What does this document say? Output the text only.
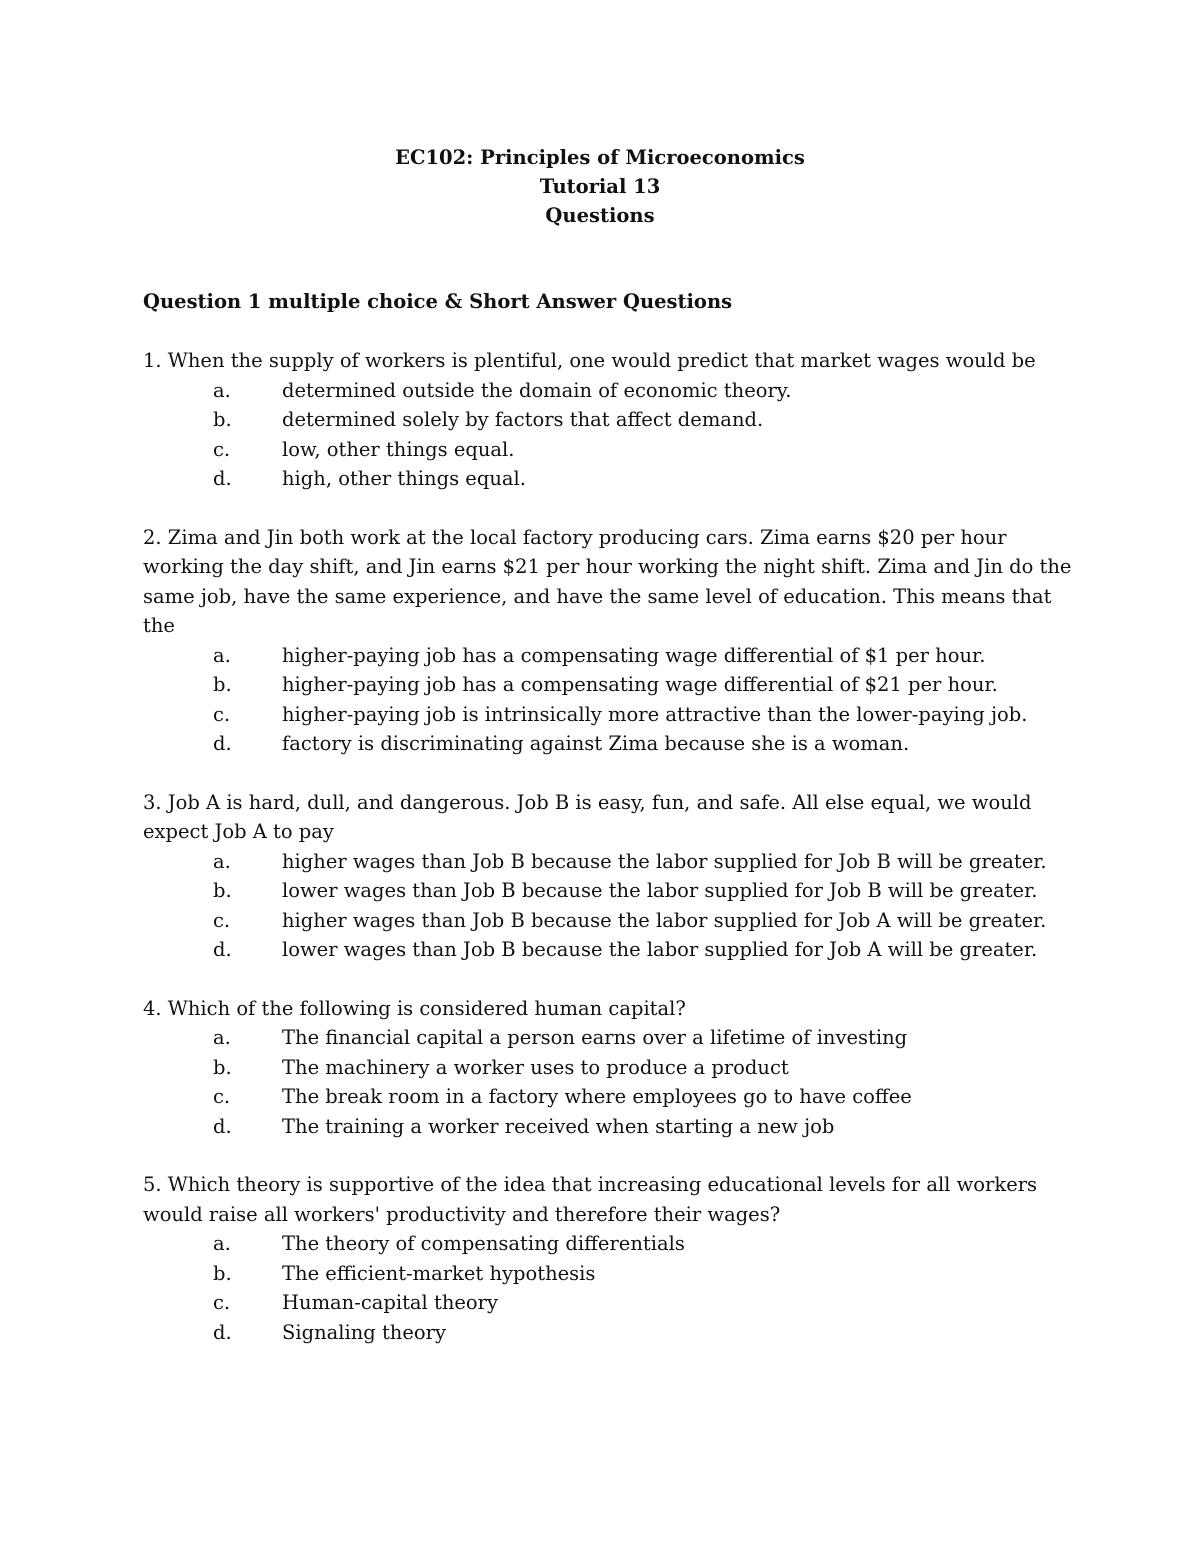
EC102: Principles of Microeconomics
Tutorial 13
Questions
Question 1 multiple choice & Short Answer Questions
1. When the supply of workers is plentiful, one would predict that market wages would be
a.	determined outside the domain of economic theory.
b.	determined solely by factors that affect demand.
c.	low, other things equal.
d.	high, other things equal.
2. Zima and Jin both work at the local factory producing cars. Zima earns $20 per hour working the day shift, and Jin earns $21 per hour working the night shift. Zima and Jin do the same job, have the same experience, and have the same level of education. This means that the
a.	higher-paying job has a compensating wage differential of $1 per hour.
b.	higher-paying job has a compensating wage differential of $21 per hour.
c.	higher-paying job is intrinsically more attractive than the lower-paying job.
d.	factory is discriminating against Zima because she is a woman.
3. Job A is hard, dull, and dangerous. Job B is easy, fun, and safe. All else equal, we would expect Job A to pay
a.	higher wages than Job B because the labor supplied for Job B will be greater.
b.	lower wages than Job B because the labor supplied for Job B will be greater.
c.	higher wages than Job B because the labor supplied for Job A will be greater.
d.	lower wages than Job B because the labor supplied for Job A will be greater.
4. Which of the following is considered human capital?
a.	The financial capital a person earns over a lifetime of investing
b.	The machinery a worker uses to produce a product
c.	The break room in a factory where employees go to have coffee
d.	The training a worker received when starting a new job
5. Which theory is supportive of the idea that increasing educational levels for all workers would raise all workers' productivity and therefore their wages?
a.	The theory of compensating differentials
b.	The efficient-market hypothesis
c.	Human-capital theory
d.	Signaling theory
